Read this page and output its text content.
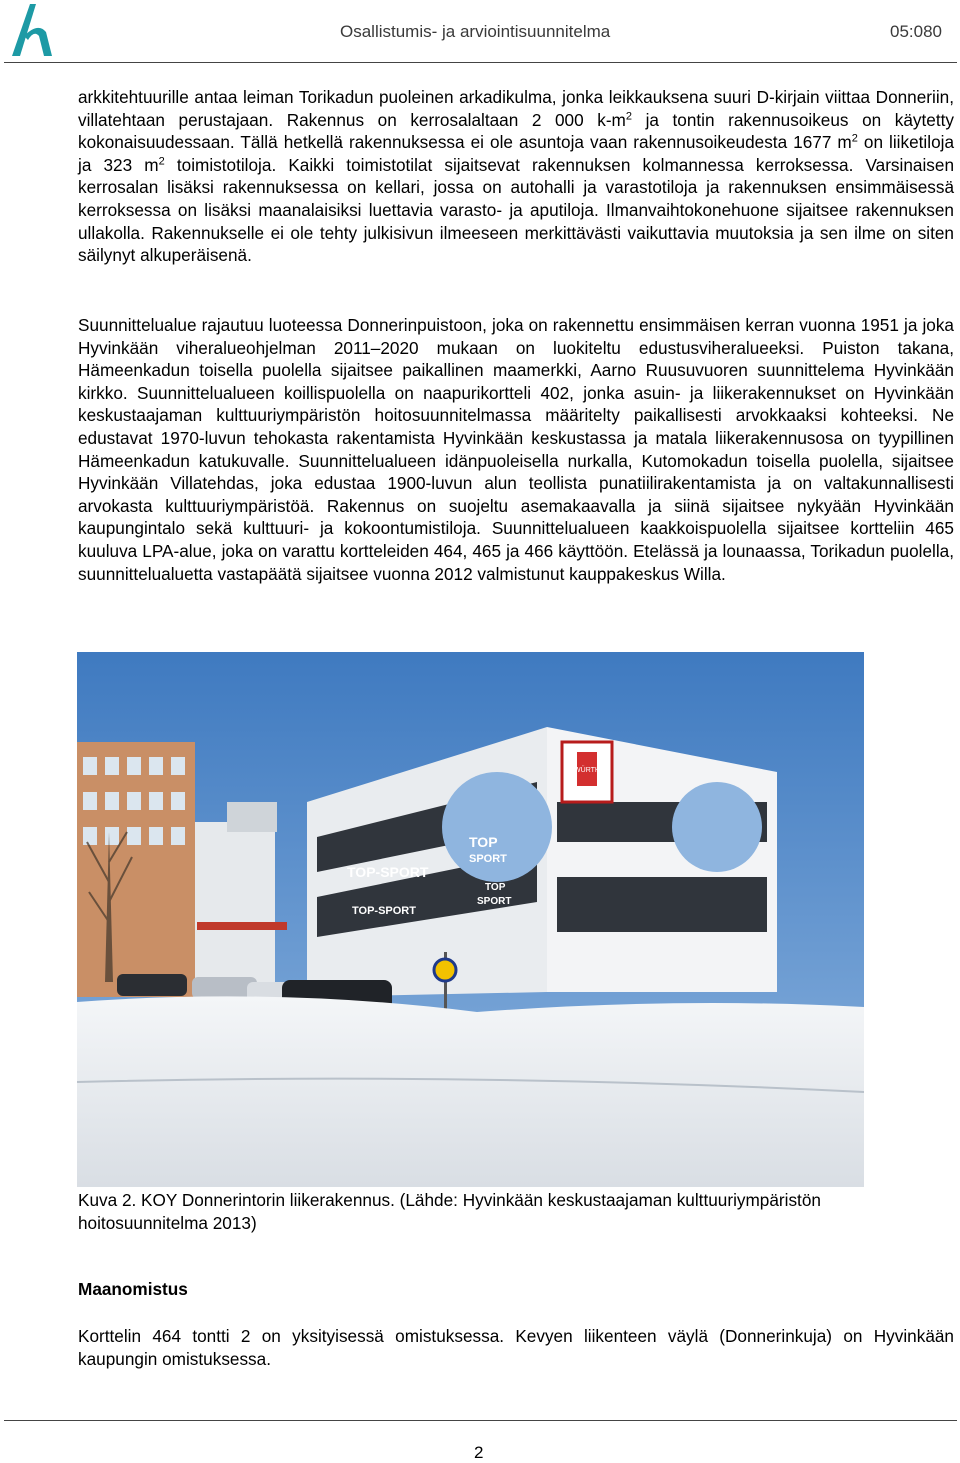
Osallistumis- ja arviointisuunnitelma	05:080

arkkitehtuurille antaa leiman Torikadun puoleinen arkadikulma, jonka leikkauksena suuri D-kirjain viittaa Donneriin, villatehtaan perustajaan. Rakennus on kerrosalaltaan 2 000 $k-m^2$ ja tontin rakennusoikeus on käytetty kokonaisuudessaan. Tällä hetkellä rakennuksessa ei ole asuntoja vaan rakennusoikeudesta 1677 $m^2$ on liiketiloja ja 323 $m^2$ toimistotiloja. Kaikki toimistotilat sijaitsevat rakennuksen kolmannessa kerroksessa. Varsinaisen kerrosalan lisäksi rakennuksessa on kellari, jossa on autohalli ja varastotiloja ja rakennuksen ensimmäisessä kerroksessa on lisäksi maanalaisiksi luettavia varasto- ja aputiloja. Ilmanvaihtokonehuone sijaitsee rakennuksen ullakolla. Rakennukselle ei ole tehty julkisivun ilmeeseen merkittävästi vaikuttavia muutoksia ja sen ilme on siten säilynyt alkuperäisenä.

Suunnittelualue rajautuu luoteessa Donnerinpuistoon, joka on rakennettu ensimmäisen kerran vuonna 1951 ja joka Hyvinkään viheralueohjelman 2011–2020 mukaan on luokiteltu edustusviheralueeksi. Puiston takana, Hämeenkadun toisella puolella sijaitsee paikallinen maamerkki, Aarno Ruusuvuoren suunnittelema Hyvinkään kirkko. Suunnittelualueen koillispuolella on naapurikortteli 402, jonka asuin- ja liikerakennukset on Hyvinkään keskustaajaman kulttuuriympäristön hoitosuunnitelmassa määritelty paikallisesti arvokkaaksi kohteeksi. Ne edustavat 1970-luvun tehokasta rakentamista Hyvinkään keskustassa ja matala liikerakennusosa on tyypillinen Hämeenkadun katukuvalle. Suunnittelualueen idänpuoleisella nurkalla, Kutomokadun toisella puolella, sijaitsee Hyvinkään Villatehdas, joka edustaa 1900-luvun alun teollista punatiilirakentamista ja on valtakunnallisesti arvokasta kulttuuriympäristöä. Rakennus on suojeltu asemakaavalla ja siinä sijaitsee nykyään Hyvinkään kaupungintalo sekä kulttuuri- ja kokoontumistiloja. Suunnittelualueen kaakkoispuolella sijaitsee kortteliin 465 kuuluva LPA-alue, joka on varattu kortteleiden 464, 465 ja 466 käyttöön. Etelässä ja lounaassa, Torikadun puolella, suunnittelualuetta vastapäätä sijaitsee vuonna 2012 valmistunut kauppakeskus Willa.

WÜRTH
TOP-SPORT
TOP-SPORT
TOP
SPORT
TOP
SPORT

Kuva 2. KOY Donnerintorin liikerakennus. (Lähde: Hyvinkään keskustaajaman kulttuuriympäristön hoitosuunnitelma 2013)

Maanomistus

Korttelin 464 tontti 2 on yksityisessä omistuksessa. Kevyen liikenteen väylä (Donnerinkuja) on Hyvinkään kaupungin omistuksessa.

2
